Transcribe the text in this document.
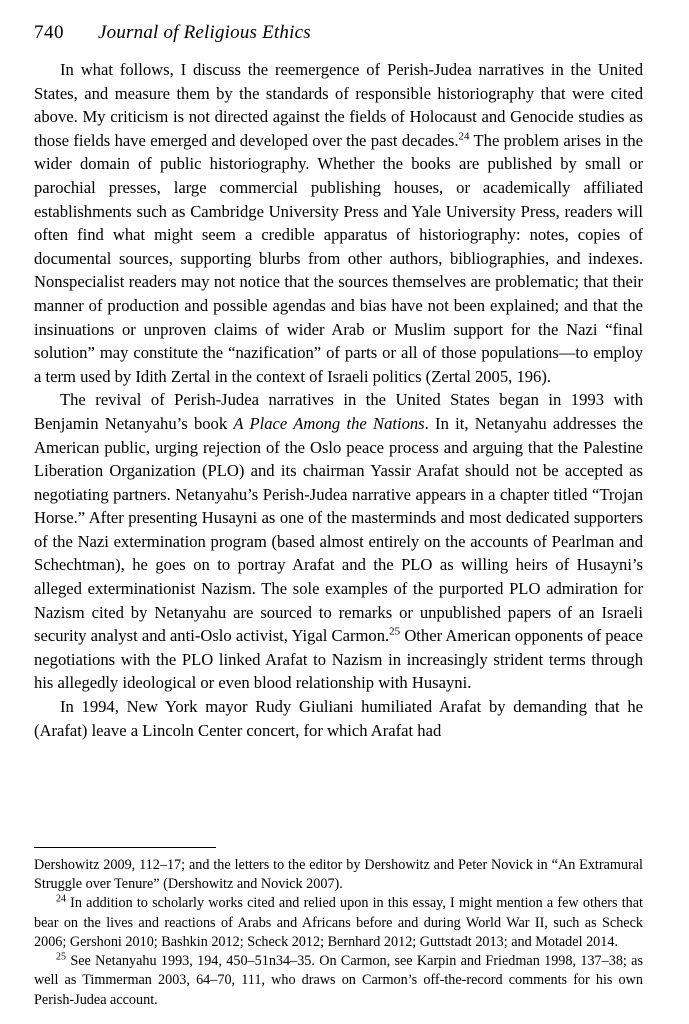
740 Journal of Religious Ethics

In what follows, I discuss the reemergence of Perish-Judea narratives in the United States, and measure them by the standards of responsible historiography that were cited above. My criticism is not directed against the fields of Holocaust and Genocide studies as those fields have emerged and developed over the past decades.$^{24}$ The problem arises in the wider domain of public historiography. Whether the books are published by small or parochial presses, large commercial publishing houses, or academically affiliated establishments such as Cambridge University Press and Yale University Press, readers will often find what might seem a credible apparatus of historiography: notes, copies of documental sources, supporting blurbs from other authors, bibliographies, and indexes. Nonspecialist readers may not notice that the sources themselves are problematic; that their manner of production and possible agendas and bias have not been explained; and that the insinuations or unproven claims of wider Arab or Muslim support for the Nazi “final solution” may constitute the “nazification” of parts or all of those populations—to employ a term used by Idith Zertal in the context of Israeli politics (Zertal 2005, 196).

The revival of Perish-Judea narratives in the United States began in 1993 with Benjamin Netanyahu’s book A Place Among the Nations. In it, Netanyahu addresses the American public, urging rejection of the Oslo peace process and arguing that the Palestine Liberation Organization (PLO) and its chairman Yassir Arafat should not be accepted as negotiating partners. Netanyahu’s Perish-Judea narrative appears in a chapter titled “Trojan Horse.” After presenting Husayni as one of the masterminds and most dedicated supporters of the Nazi extermination program (based almost entirely on the accounts of Pearlman and Schechtman), he goes on to portray Arafat and the PLO as willing heirs of Husayni’s alleged exterminationist Nazism. The sole examples of the purported PLO admiration for Nazism cited by Netanyahu are sourced to remarks or unpublished papers of an Israeli security analyst and anti-Oslo activist, Yigal Carmon.$^{25}$ Other American opponents of peace negotiations with the PLO linked Arafat to Nazism in increasingly strident terms through his allegedly ideological or even blood relationship with Husayni.

In 1994, New York mayor Rudy Giuliani humiliated Arafat by demanding that he (Arafat) leave a Lincoln Center concert, for which Arafat had

Dershowitz 2009, 112–17; and the letters to the editor by Dershowitz and Peter Novick in “An Extramural Struggle over Tenure” (Dershowitz and Novick 2007).

$^{24}$ In addition to scholarly works cited and relied upon in this essay, I might mention a few others that bear on the lives and reactions of Arabs and Africans before and during World War II, such as Scheck 2006; Gershoni 2010; Bashkin 2012; Scheck 2012; Bernhard 2012; Guttstadt 2013; and Motadel 2014.

$^{25}$ See Netanyahu 1993, 194, 450–51n34–35. On Carmon, see Karpin and Friedman 1998, 137–38; as well as Timmerman 2003, 64–70, 111, who draws on Carmon’s off-the-record comments for his own Perish-Judea account.
